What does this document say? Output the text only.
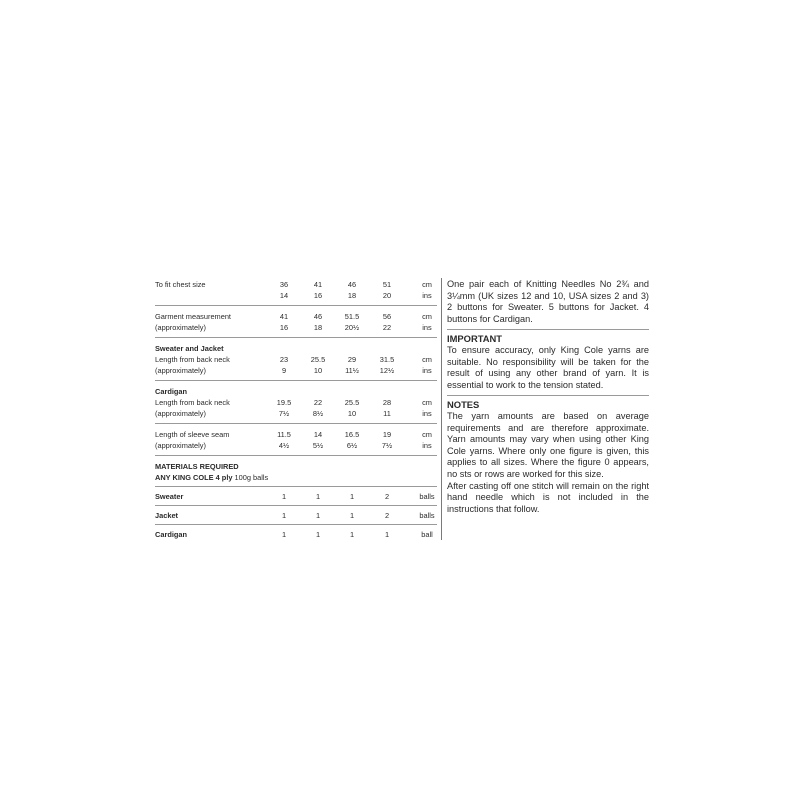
To fit chest size	36	41	46	51	cm
14	16	18	20	ins
Garment measurement	41	46	51.5	56	cm
(approximately)	16	18	20½	22	ins
Sweater and Jacket
Length from back neck	23	25.5	29	31.5	cm
(approximately)	9	10	11½	12½	ins
Cardigan
Length from back neck	19.5	22	25.5	28	cm
(approximately)	7½	8½	10	11	ins
Length of sleeve seam	11.5	14	16.5	19	cm
(approximately)	4½	5½	6½	7½	ins
MATERIALS REQUIRED
ANY KING COLE 4 ply 100g balls
Sweater	1	1	1	2	balls
Jacket	1	1	1	2	balls
Cardigan	1	1	1	1	ball

One pair each of Knitting Needles No 2¾ and 3¼mm (UK sizes 12 and 10, USA sizes 2 and 3) 2 buttons for Sweater. 5 buttons for Jacket. 4 buttons for Cardigan.

IMPORTANT

To ensure accuracy, only King Cole yarns are suitable. No responsibility will be taken for the result of using any other brand of yarn. It is essential to work to the tension stated.

NOTES

The yarn amounts are based on average requirements and are therefore approximate. Yarn amounts may vary when using other King Cole yarns. Where only one figure is given, this applies to all sizes. Where the figure 0 appears, no sts or rows are worked for this size.

After casting off one stitch will remain on the right hand needle which is not included in the instructions that follow.
